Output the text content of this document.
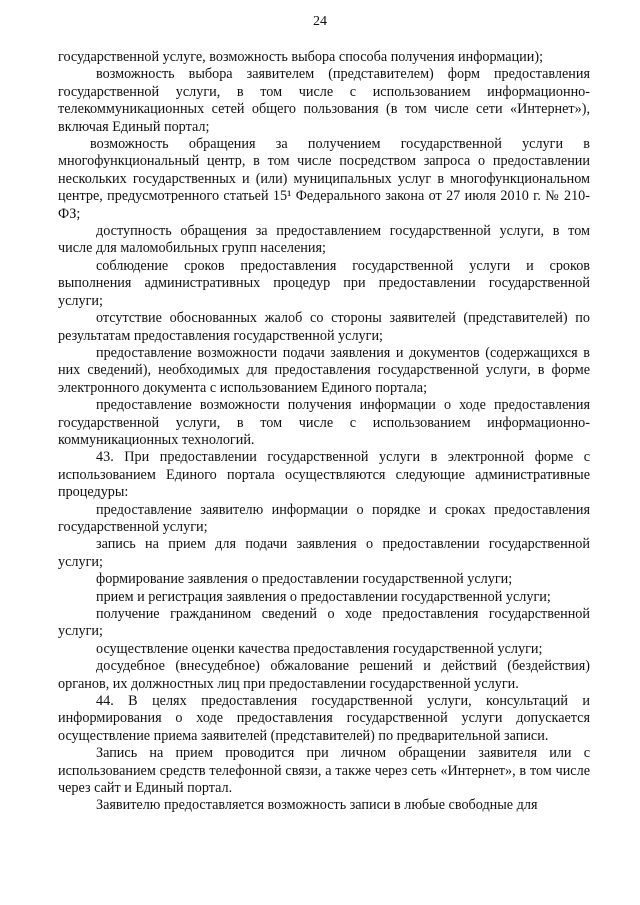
24

государственной услуге, возможность выбора способа получения информации);

возможность выбора заявителем (представителем) форм предоставления государственной услуги, в том числе с использованием информационно-телекоммуникационных сетей общего пользования (в том числе сети «Интернет»), включая Единый портал;

возможность обращения за получением государственной услуги в многофункциональный центр, в том числе посредством запроса о предоставлении нескольких государственных и (или) муниципальных услуг в многофункциональном центре, предусмотренного статьей 15¹ Федерального закона от 27 июля 2010 г. № 210-ФЗ;

доступность обращения за предоставлением государственной услуги, в том числе для маломобильных групп населения;

соблюдение сроков предоставления государственной услуги и сроков выполнения административных процедур при предоставлении государственной услуги;

отсутствие обоснованных жалоб со стороны заявителей (представителей) по результатам предоставления государственной услуги;

предоставление возможности подачи заявления и документов (содержащихся в них сведений), необходимых для предоставления государственной услуги, в форме электронного документа с использованием Единого портала;

предоставление возможности получения информации о ходе предоставления государственной услуги, в том числе с использованием информационно-коммуникационных технологий.

43. При предоставлении государственной услуги в электронной форме с использованием Единого портала осуществляются следующие административные процедуры:

предоставление заявителю информации о порядке и сроках предоставления государственной услуги;

запись на прием для подачи заявления о предоставлении государственной услуги;

формирование заявления о предоставлении государственной услуги;

прием и регистрация заявления о предоставлении государственной услуги;

получение гражданином сведений о ходе предоставления государственной услуги;

осуществление оценки качества предоставления государственной услуги;

досудебное (внесудебное) обжалование решений и действий (бездействия) органов, их должностных лиц при предоставлении государственной услуги.

44. В целях предоставления государственной услуги, консультаций и информирования о ходе предоставления государственной услуги допускается осуществление приема заявителей (представителей) по предварительной записи.

Запись на прием проводится при личном обращении заявителя или с использованием средств телефонной связи, а также через сеть «Интернет», в том числе через сайт и Единый портал.

Заявителю предоставляется возможность записи в любые свободные для
